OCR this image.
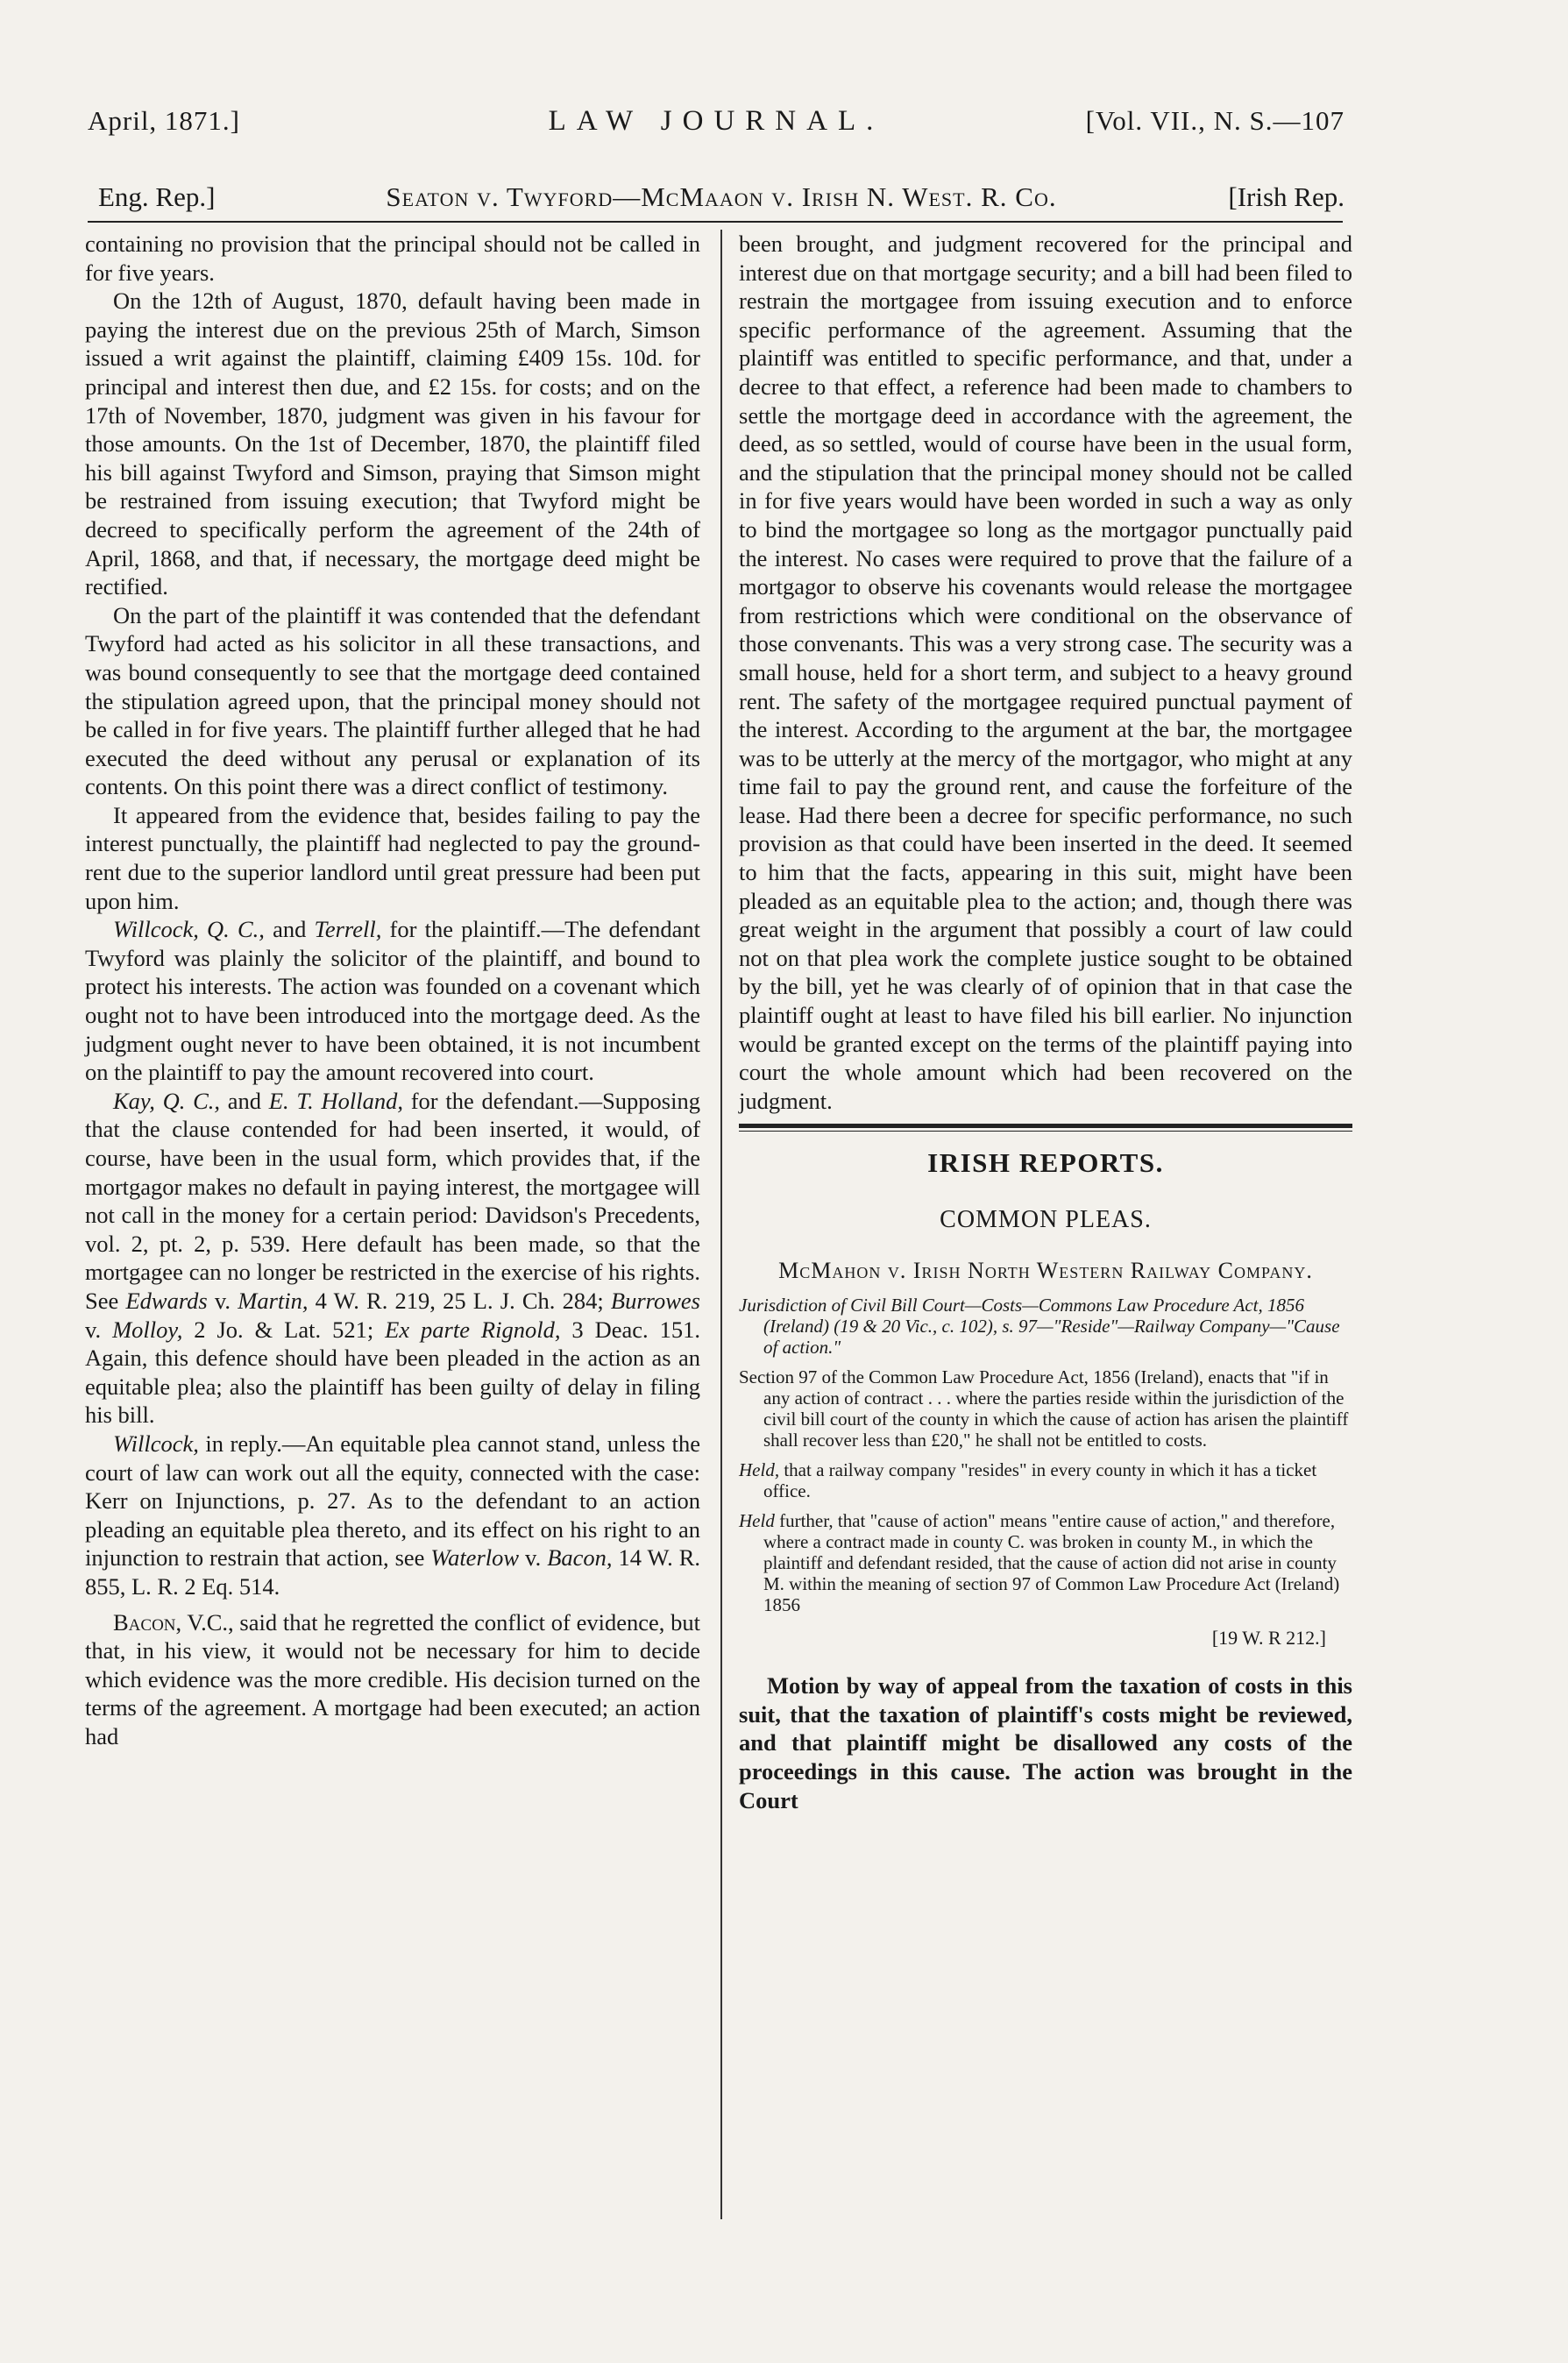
April, 1871.]	LAW JOURNAL.	[Vol. VII., N. S.—107
Eng. Rep.]	Seaton v. Twyford—McMaaon v. Irish N. West. R. Co.	[Irish Rep.

containing no provision that the principal should not be called in for five years.

On the 12th of August, 1870, default having been made in paying the interest due on the previous 25th of March, Simson issued a writ against the plaintiff, claiming £409 15s. 10d. for principal and interest then due, and £2 15s. for costs; and on the 17th of November, 1870, judgment was given in his favour for those amounts. On the 1st of December, 1870, the plaintiff filed his bill against Twyford and Simson, praying that Simson might be restrained from issuing execution; that Twyford might be decreed to specifically perform the agreement of the 24th of April, 1868, and that, if necessary, the mortgage deed might be rectified.

On the part of the plaintiff it was contended that the defendant Twyford had acted as his solicitor in all these transactions, and was bound consequently to see that the mortgage deed contained the stipulation agreed upon, that the principal money should not be called in for five years. The plaintiff further alleged that he had executed the deed without any perusal or explanation of its contents. On this point there was a direct conflict of testimony.

It appeared from the evidence that, besides failing to pay the interest punctually, the plaintiff had neglected to pay the ground-rent due to the superior landlord until great pressure had been put upon him.

Willcock, Q. C., and Terrell, for the plaintiff.—The defendant Twyford was plainly the solicitor of the plaintiff, and bound to protect his interests. The action was founded on a covenant which ought not to have been introduced into the mortgage deed. As the judgment ought never to have been obtained, it is not incumbent on the plaintiff to pay the amount recovered into court.

Kay, Q. C., and E. T. Holland, for the defendant.—Supposing that the clause contended for had been inserted, it would, of course, have been in the usual form, which provides that, if the mortgagor makes no default in paying interest, the mortgagee will not call in the money for a certain period: Davidson's Precedents, vol. 2, pt. 2, p. 539. Here default has been made, so that the mortgagee can no longer be restricted in the exercise of his rights. See Edwards v. Martin, 4 W. R. 219, 25 L. J. Ch. 284; Burrowes v. Molloy, 2 Jo. & Lat. 521; Ex parte Rignold, 3 Deac. 151. Again, this defence should have been pleaded in the action as an equitable plea; also the plaintiff has been guilty of delay in filing his bill.

Willcock, in reply.—An equitable plea cannot stand, unless the court of law can work out all the equity, connected with the case: Kerr on Injunctions, p. 27. As to the defendant to an action pleading an equitable plea thereto, and its effect on his right to an injunction to restrain that action, see Waterlow v. Bacon, 14 W. R. 855, L. R. 2 Eq. 514.

Bacon, V.C., said that he regretted the conflict of evidence, but that, in his view, it would not be necessary for him to decide which evidence was the more credible. His decision turned on the terms of the agreement. A mortgage had been executed; an action had

been brought, and judgment recovered for the principal and interest due on that mortgage security; and a bill had been filed to restrain the mortgagee from issuing execution and to enforce specific performance of the agreement. Assuming that the plaintiff was entitled to specific performance, and that, under a decree to that effect, a reference had been made to chambers to settle the mortgage deed in accordance with the agreement, the deed, as so settled, would of course have been in the usual form, and the stipulation that the principal money should not be called in for five years would have been worded in such a way as only to bind the mortgagee so long as the mortgagor punctually paid the interest. No cases were required to prove that the failure of a mortgagor to observe his covenants would release the mortgagee from restrictions which were conditional on the observance of those convenants. This was a very strong case. The security was a small house, held for a short term, and subject to a heavy ground rent. The safety of the mortgagee required punctual payment of the interest. According to the argument at the bar, the mortgagee was to be utterly at the mercy of the mortgagor, who might at any time fail to pay the ground rent, and cause the forfeiture of the lease. Had there been a decree for specific performance, no such provision as that could have been inserted in the deed. It seemed to him that the facts, appearing in this suit, might have been pleaded as an equitable plea to the action; and, though there was great weight in the argument that possibly a court of law could not on that plea work the complete justice sought to be obtained by the bill, yet he was clearly of of opinion that in that case the plaintiff ought at least to have filed his bill earlier. No injunction would be granted except on the terms of the plaintiff paying into court the whole amount which had been recovered on the judgment.

IRISH REPORTS.
COMMON PLEAS.
McMahon v. Irish North Western Railway Company.
Jurisdiction of Civil Bill Court—Costs—Commons Law Procedure Act, 1856 (Ireland) (19 & 20 Vic., c. 102), s. 97—"Reside"—Railway Company—"Cause of action."
Section 97 of the Common Law Procedure Act, 1856 (Ireland), enacts that "if in any action of contract . . . where the parties reside within the jurisdiction of the civil bill court of the county in which the cause of action has arisen the plaintiff shall recover less than £20," he shall not be entitled to costs.
Held, that a railway company "resides" in every county in which it has a ticket office.
Held further, that "cause of action" means "entire cause of action," and therefore, where a contract made in county C. was broken in county M., in which the plaintiff and defendant resided, that the cause of action did not arise in county M. within the meaning of section 97 of Common Law Procedure Act (Ireland) 1856
[19 W. R 212.]

Motion by way of appeal from the taxation of costs in this suit, that the taxation of plaintiff's costs might be reviewed, and that plaintiff might be disallowed any costs of the proceedings in this cause. The action was brought in the Court
